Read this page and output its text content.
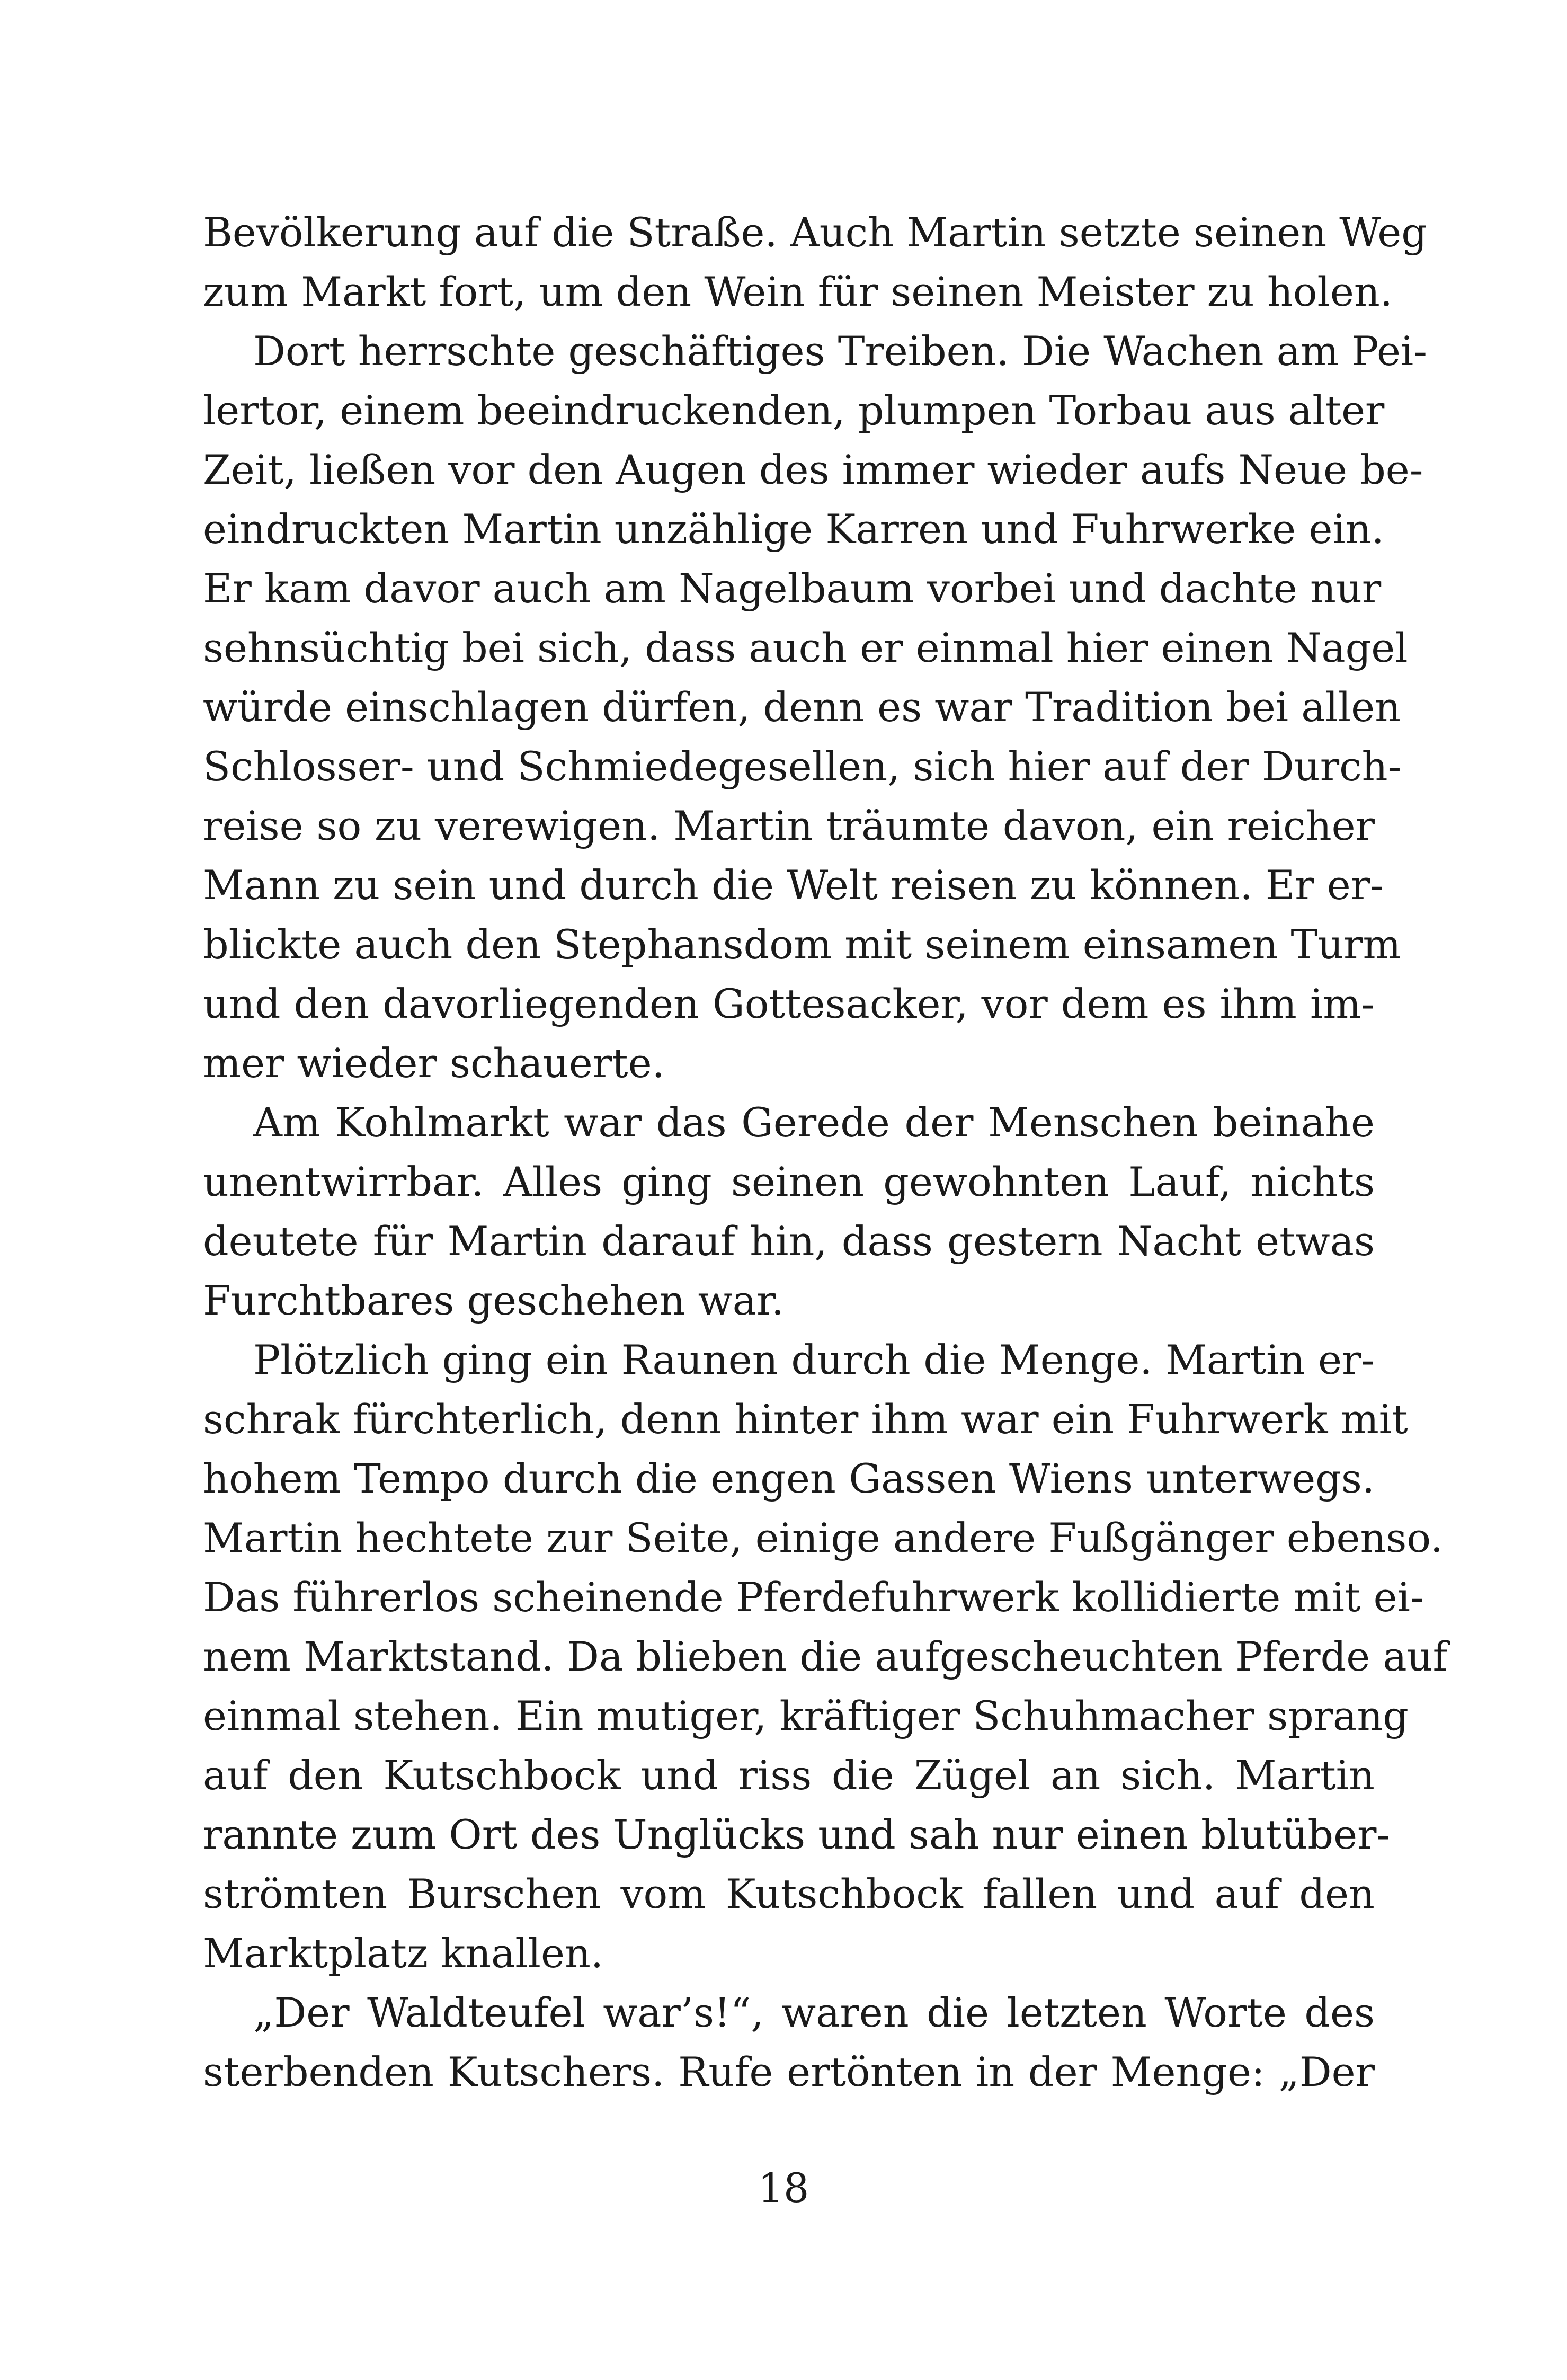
Bevölkerung auf die Straße. Auch Martin setzte seinen Weg
zum Markt fort, um den Wein für seinen Meister zu holen.
Dort herrschte geschäftiges Treiben. Die Wachen am Pei-
lertor, einem beeindruckenden, plumpen Torbau aus alter
Zeit, ließen vor den Augen des immer wieder aufs Neue be-
eindruckten Martin unzählige Karren und Fuhrwerke ein.
Er kam davor auch am Nagelbaum vorbei und dachte nur
sehnsüchtig bei sich, dass auch er einmal hier einen Nagel
würde einschlagen dürfen, denn es war Tradition bei allen
Schlosser- und Schmiedegesellen, sich hier auf der Durch-
reise so zu verewigen. Martin träumte davon, ein reicher
Mann zu sein und durch die Welt reisen zu können. Er er-
blickte auch den Stephansdom mit seinem einsamen Turm
und den davorliegenden Gottesacker, vor dem es ihm im-
mer wieder schauerte.
Am Kohlmarkt war das Gerede der Menschen beinahe
unentwirrbar. Alles ging seinen gewohnten Lauf, nichts
deutete für Martin darauf hin, dass gestern Nacht etwas
Furchtbares geschehen war.
Plötzlich ging ein Raunen durch die Menge. Martin er-
schrak fürchterlich, denn hinter ihm war ein Fuhrwerk mit
hohem Tempo durch die engen Gassen Wiens unterwegs.
Martin hechtete zur Seite, einige andere Fußgänger ebenso.
Das führerlos scheinende Pferdefuhrwerk kollidierte mit ei-
nem Marktstand. Da blieben die aufgescheuchten Pferde auf
einmal stehen. Ein mutiger, kräftiger Schuhmacher sprang
auf den Kutschbock und riss die Zügel an sich. Martin
rannte zum Ort des Unglücks und sah nur einen blutüber-
strömten Burschen vom Kutschbock fallen und auf den
Marktplatz knallen.
„Der Waldteufel war’s!“, waren die letzten Worte des
sterbenden Kutschers. Rufe ertönten in der Menge: „Der
18
